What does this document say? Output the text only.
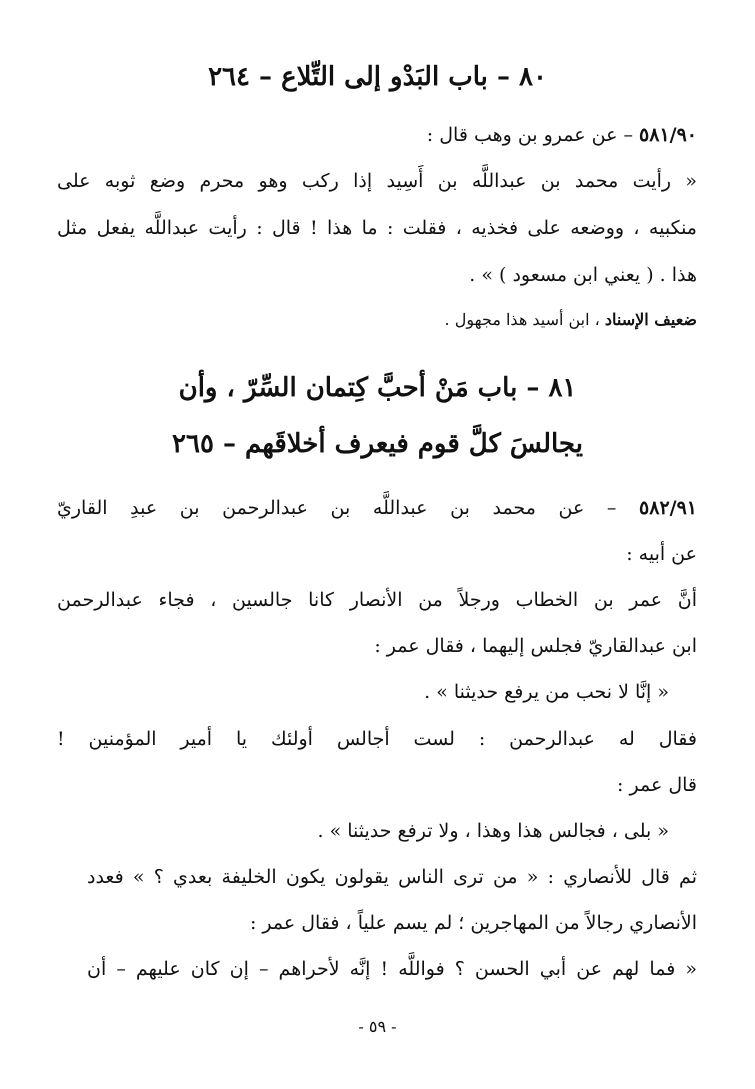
٨٠ – باب البَدْو إلى التِّلاع – ٢٦٤
٥٨١/٩٠ – عن عمرو بن وهب قال :
« رأيت محمد بن عبداللَّه بن أَسِيد إذا ركب وهو محرم وضع ثوبه على
منكبيه ، ووضعه على فخذيه ، فقلت : ما هذا ! قال : رأيت عبداللَّه يفعل مثل
هذا . ( يعني ابن مسعود ) » .
ضعيف الإسناد ، ابن أسيد هذا مجهول .
٨١ – باب مَنْ أحبَّ كِتمان السِّرّ ، وأن
يجالسَ كلَّ قوم فيعرف أخلاقَهم – ٢٦٥
٥٨٢/٩١ – عن محمد بن عبداللَّه بن عبدالرحمن بن عبدِ القاريّ
عن أبيه :
أنَّ عمر بن الخطاب ورجلاً من الأنصار كانا جالسين ، فجاء عبدالرحمن
ابن عبدالقاريّ فجلس إليهما ، فقال عمر :
« إنَّا لا نحب من يرفع حديثنا » .
فقال له عبدالرحمن : لست أجالس أولئك يا أمير المؤمنين !
قال عمر :
« بلى ، فجالس هذا وهذا ، ولا ترفع حديثنا » .
ثم قال للأنصاري : « من ترى الناس يقولون يكون الخليفة بعدي ؟ » فعدد
الأنصاري رجالاً من المهاجرين ؛ لم يسم علياً ، فقال عمر :
« فما لهم عن أبي الحسن ؟ فواللَّه ! إنَّه لأحراهم – إن كان عليهم – أن
- ٥٩ -
